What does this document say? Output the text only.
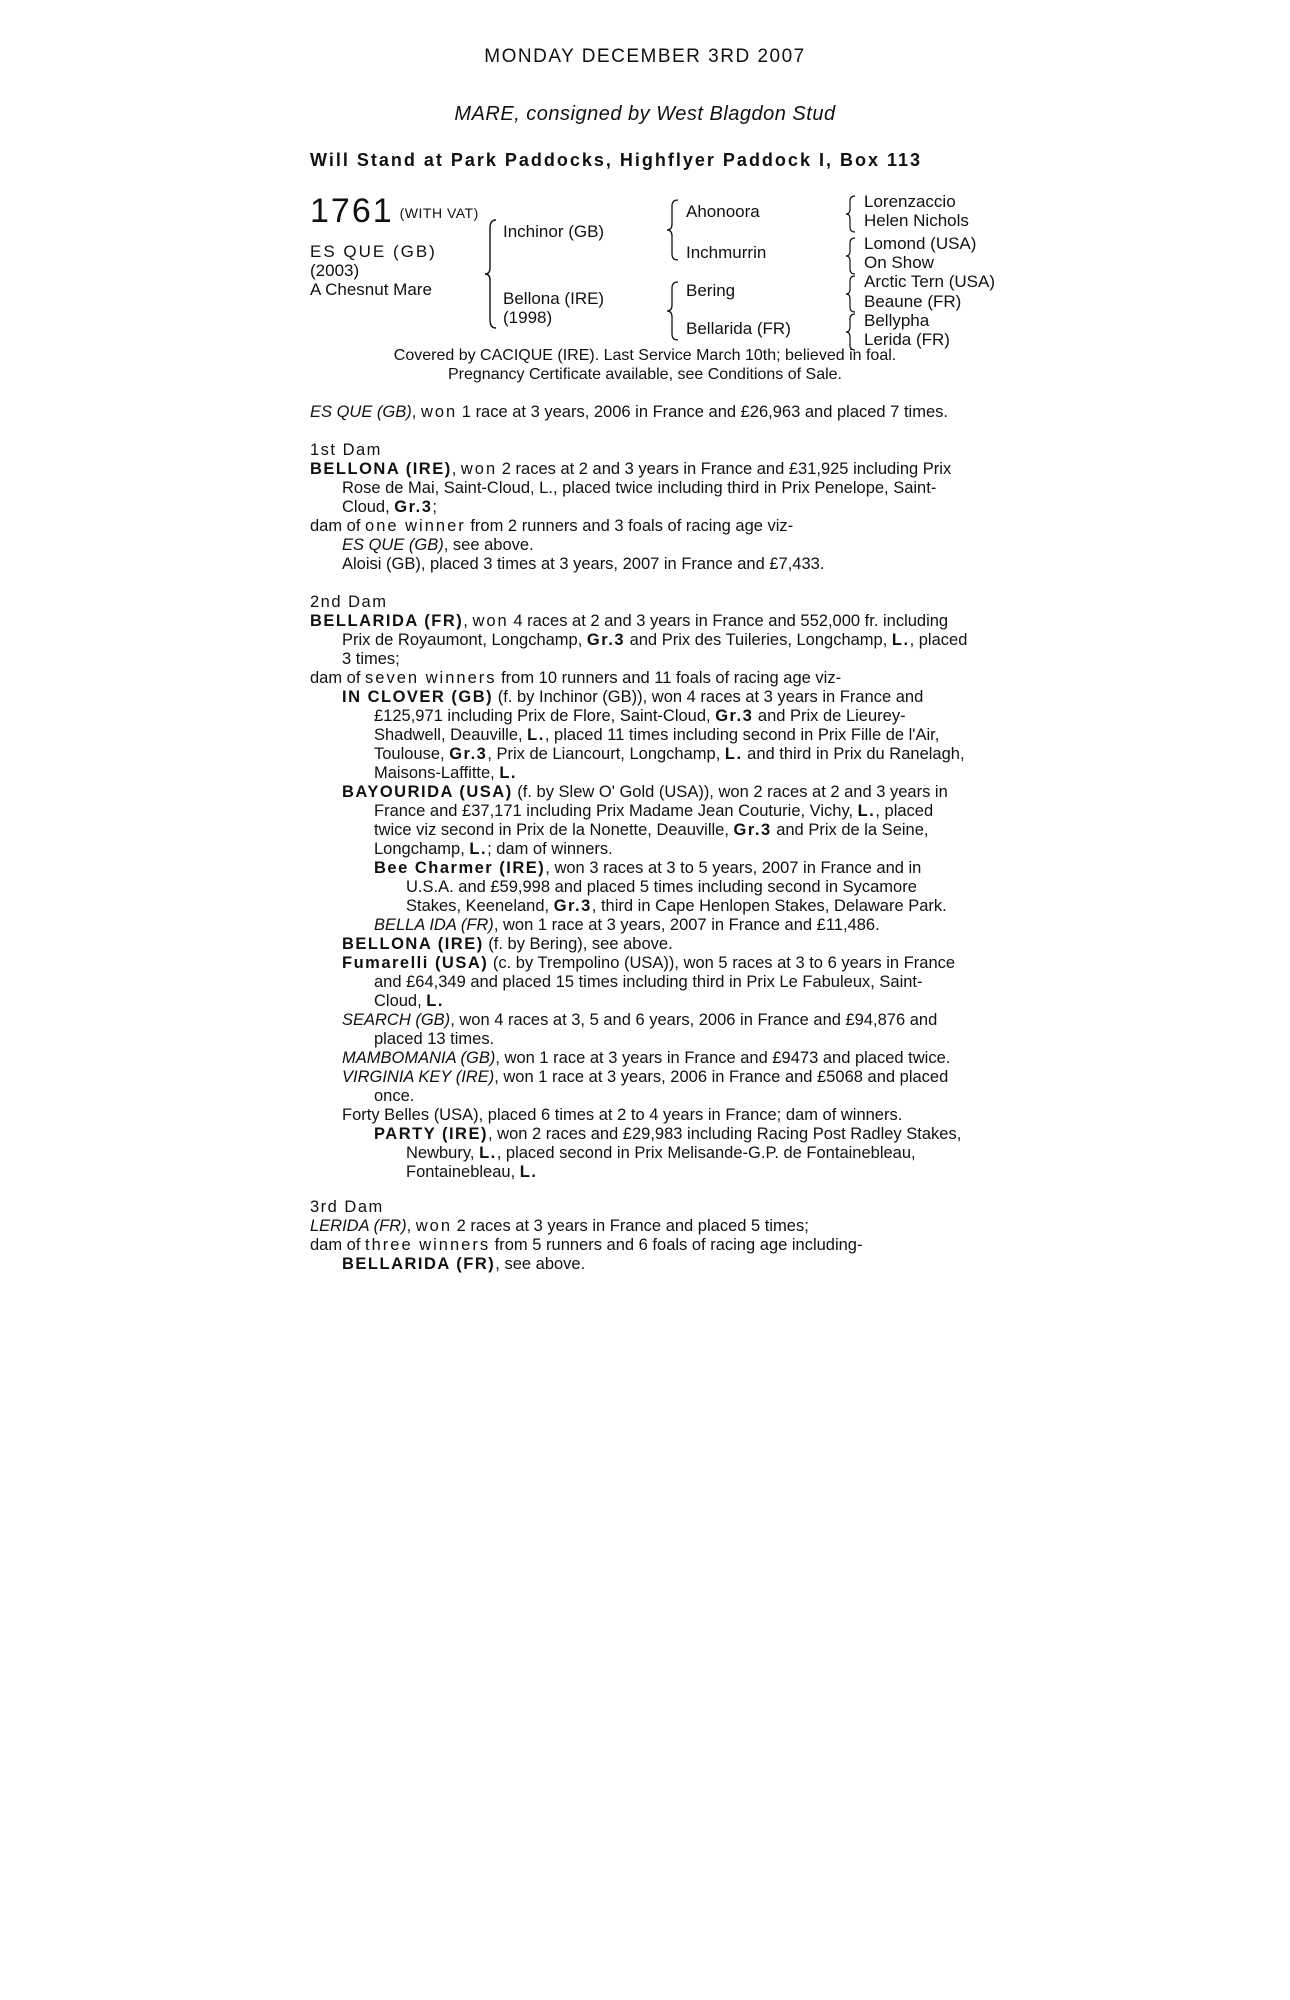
MONDAY DECEMBER 3RD 2007
MARE, consigned by West Blagdon Stud
Will Stand at Park Paddocks, Highflyer Paddock I, Box 113
1761 (WITH VAT)
ES QUE (GB)
(2003)
A Chesnut Mare
Inchinor (GB)
Bellona (IRE)
(1998)
Ahonoora
Inchmurrin
Bering
Bellarida (FR)
Lorenzaccio
Helen Nichols
Lomond (USA)
On Show
Arctic Tern (USA)
Beaune (FR)
Bellypha
Lerida (FR)
Covered by CACIQUE (IRE). Last Service March 10th; believed in foal.
Pregnancy Certificate available, see Conditions of Sale.
ES QUE (GB), won 1 race at 3 years, 2006 in France and £26,963 and placed 7 times.
1st Dam
BELLONA (IRE), won 2 races at 2 and 3 years in France and £31,925 including Prix
Rose de Mai, Saint-Cloud, L., placed twice including third in Prix Penelope, Saint-
Cloud, Gr.3;
dam of one winner from 2 runners and 3 foals of racing age viz-
ES QUE (GB), see above.
Aloisi (GB), placed 3 times at 3 years, 2007 in France and £7,433.
2nd Dam
BELLARIDA (FR), won 4 races at 2 and 3 years in France and 552,000 fr. including
Prix de Royaumont, Longchamp, Gr.3 and Prix des Tuileries, Longchamp, L., placed
3 times;
dam of seven winners from 10 runners and 11 foals of racing age viz-
IN CLOVER (GB) (f. by Inchinor (GB)), won 4 races at 3 years in France and
£125,971 including Prix de Flore, Saint-Cloud, Gr.3 and Prix de Lieurey-
Shadwell, Deauville, L., placed 11 times including second in Prix Fille de l'Air,
Toulouse, Gr.3, Prix de Liancourt, Longchamp, L. and third in Prix du Ranelagh,
Maisons-Laffitte, L.
BAYOURIDA (USA) (f. by Slew O' Gold (USA)), won 2 races at 2 and 3 years in
France and £37,171 including Prix Madame Jean Couturie, Vichy, L., placed
twice viz second in Prix de la Nonette, Deauville, Gr.3 and Prix de la Seine,
Longchamp, L.; dam of winners.
Bee Charmer (IRE), won 3 races at 3 to 5 years, 2007 in France and in
U.S.A. and £59,998 and placed 5 times including second in Sycamore
Stakes, Keeneland, Gr.3, third in Cape Henlopen Stakes, Delaware Park.
BELLA IDA (FR), won 1 race at 3 years, 2007 in France and £11,486.
BELLONA (IRE) (f. by Bering), see above.
Fumarelli (USA) (c. by Trempolino (USA)), won 5 races at 3 to 6 years in France
and £64,349 and placed 15 times including third in Prix Le Fabuleux, Saint-
Cloud, L.
SEARCH (GB), won 4 races at 3, 5 and 6 years, 2006 in France and £94,876 and
placed 13 times.
MAMBOMANIA (GB), won 1 race at 3 years in France and £9473 and placed twice.
VIRGINIA KEY (IRE), won 1 race at 3 years, 2006 in France and £5068 and placed
once.
Forty Belles (USA), placed 6 times at 2 to 4 years in France; dam of winners.
PARTY (IRE), won 2 races and £29,983 including Racing Post Radley Stakes,
Newbury, L., placed second in Prix Melisande-G.P. de Fontainebleau,
Fontainebleau, L.
3rd Dam
LERIDA (FR), won 2 races at 3 years in France and placed 5 times;
dam of three winners from 5 runners and 6 foals of racing age including-
BELLARIDA (FR), see above.
